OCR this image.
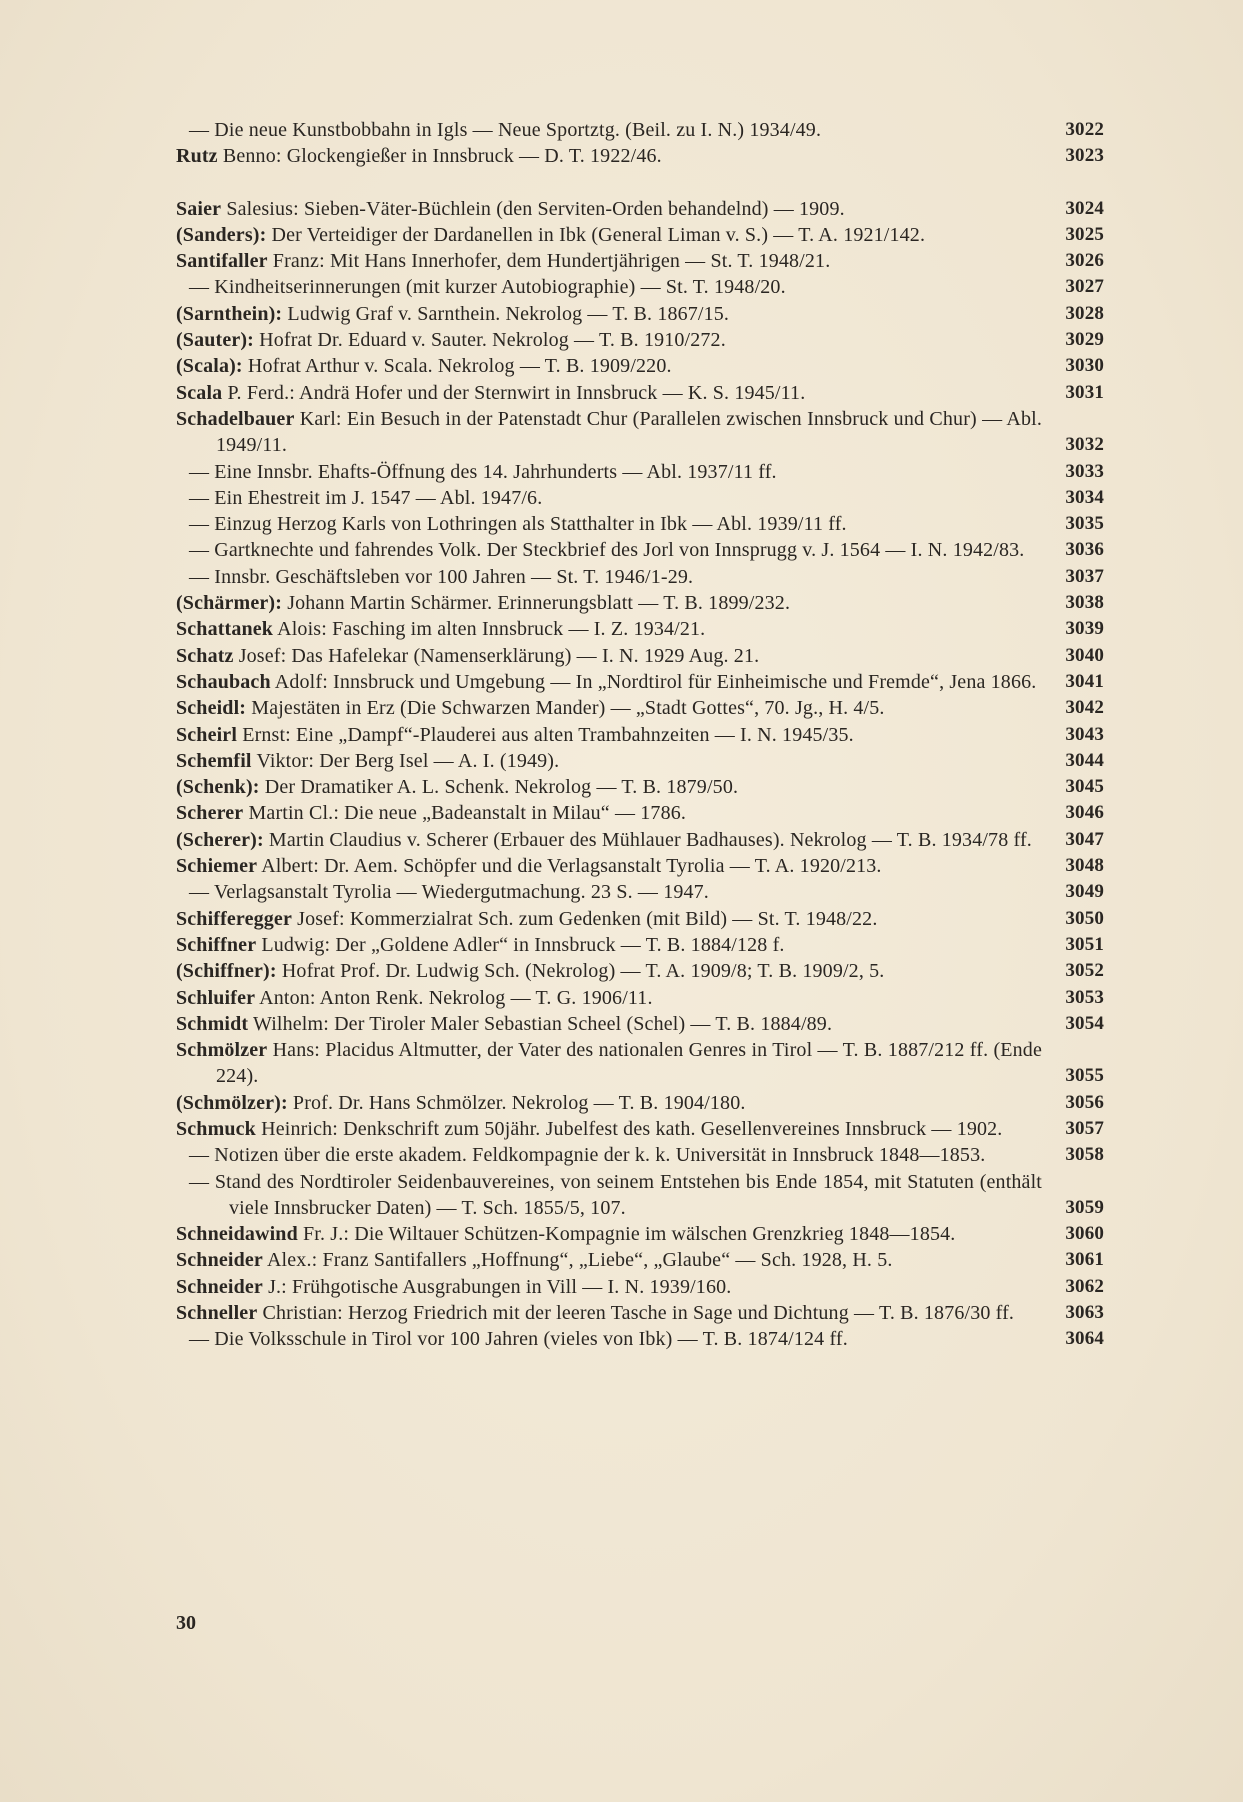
— Die neue Kunstbobbahn in Igls — Neue Sportztg. (Beil. zu I. N.) 1934/49.	3022
Rutz Benno: Glockengießer in Innsbruck — D. T. 1922/46.	3023
Saier Salesius: Sieben-Väter-Büchlein (den Serviten-Orden behandelnd) — 1909.	3024
(Sanders): Der Verteidiger der Dardanellen in Ibk (General Liman v. S.) — T. A. 1921/142.	3025
Santifaller Franz: Mit Hans Innerhofer, dem Hundertjährigen — St. T. 1948/21.	3026
— Kindheitserinnerungen (mit kurzer Autobiographie) — St. T. 1948/20.	3027
(Sarnthein): Ludwig Graf v. Sarnthein. Nekrolog — T. B. 1867/15.	3028
(Sauter): Hofrat Dr. Eduard v. Sauter. Nekrolog — T. B. 1910/272.	3029
(Scala): Hofrat Arthur v. Scala. Nekrolog — T. B. 1909/220.	3030
Scala P. Ferd.: Andrä Hofer und der Sternwirt in Innsbruck — K. S. 1945/11.	3031
Schadelbauer Karl: Ein Besuch in der Patenstadt Chur (Parallelen zwischen Innsbruck und Chur) — Abl. 1949/11.	3032
— Eine Innsbr. Ehafts-Öffnung des 14. Jahrhunderts — Abl. 1937/11 ff.	3033
— Ein Ehestreit im J. 1547 — Abl. 1947/6.	3034
— Einzug Herzog Karls von Lothringen als Statthalter in Ibk — Abl. 1939/11 ff.	3035
— Gartknechte und fahrendes Volk. Der Steckbrief des Jorl von Innsprugg v. J. 1564 — I. N. 1942/83.	3036
— Innsbr. Geschäftsleben vor 100 Jahren — St. T. 1946/1-29.	3037
(Schärmer): Johann Martin Schärmer. Erinnerungsblatt — T. B. 1899/232.	3038
Schattanek Alois: Fasching im alten Innsbruck — I. Z. 1934/21.	3039
Schatz Josef: Das Hafelekar (Namenserklärung) — I. N. 1929 Aug. 21.	3040
Schaubach Adolf: Innsbruck und Umgebung — In „Nordtirol für Einheimische und Fremde“, Jena 1866.	3041
Scheidl: Majestäten in Erz (Die Schwarzen Mander) — „Stadt Gottes“, 70. Jg., H. 4/5.	3042
Scheirl Ernst: Eine „Dampf“-Plauderei aus alten Trambahnzeiten — I. N. 1945/35.	3043
Schemfil Viktor: Der Berg Isel — A. I. (1949).	3044
(Schenk): Der Dramatiker A. L. Schenk. Nekrolog — T. B. 1879/50.	3045
Scherer Martin Cl.: Die neue „Badeanstalt in Milau“ — 1786.	3046
(Scherer): Martin Claudius v. Scherer (Erbauer des Mühlauer Badhauses). Nekrolog — T. B. 1934/78 ff.	3047
Schiemer Albert: Dr. Aem. Schöpfer und die Verlagsanstalt Tyrolia — T. A. 1920/213.	3048
— Verlagsanstalt Tyrolia — Wiedergutmachung. 23 S. — 1947.	3049
Schifferegger Josef: Kommerzialrat Sch. zum Gedenken (mit Bild) — St. T. 1948/22.	3050
Schiffner Ludwig: Der „Goldene Adler“ in Innsbruck — T. B. 1884/128 f.	3051
(Schiffner): Hofrat Prof. Dr. Ludwig Sch. (Nekrolog) — T. A. 1909/8; T. B. 1909/2, 5.	3052
Schluifer Anton: Anton Renk. Nekrolog — T. G. 1906/11.	3053
Schmidt Wilhelm: Der Tiroler Maler Sebastian Scheel (Schel) — T. B. 1884/89.	3054
Schmölzer Hans: Placidus Altmutter, der Vater des nationalen Genres in Tirol — T. B. 1887/212 ff. (Ende 224).	3055
(Schmölzer): Prof. Dr. Hans Schmölzer. Nekrolog — T. B. 1904/180.	3056
Schmuck Heinrich: Denkschrift zum 50jähr. Jubelfest des kath. Gesellenvereines Innsbruck — 1902.	3057
— Notizen über die erste akadem. Feldkompagnie der k. k. Universität in Innsbruck 1848—1853.	3058
— Stand des Nordtiroler Seidenbauvereines, von seinem Entstehen bis Ende 1854, mit Statuten (enthält viele Innsbrucker Daten) — T. Sch. 1855/5, 107.	3059
Schneidawind Fr. J.: Die Wiltauer Schützen-Kompagnie im wälschen Grenzkrieg 1848—1854.	3060
Schneider Alex.: Franz Santifallers „Hoffnung“, „Liebe“, „Glaube“ — Sch. 1928, H. 5.	3061
Schneider J.: Frühgotische Ausgrabungen in Vill — I. N. 1939/160.	3062
Schneller Christian: Herzog Friedrich mit der leeren Tasche in Sage und Dichtung — T. B. 1876/30 ff.	3063
— Die Volksschule in Tirol vor 100 Jahren (vieles von Ibk) — T. B. 1874/124 ff.	3064
30
